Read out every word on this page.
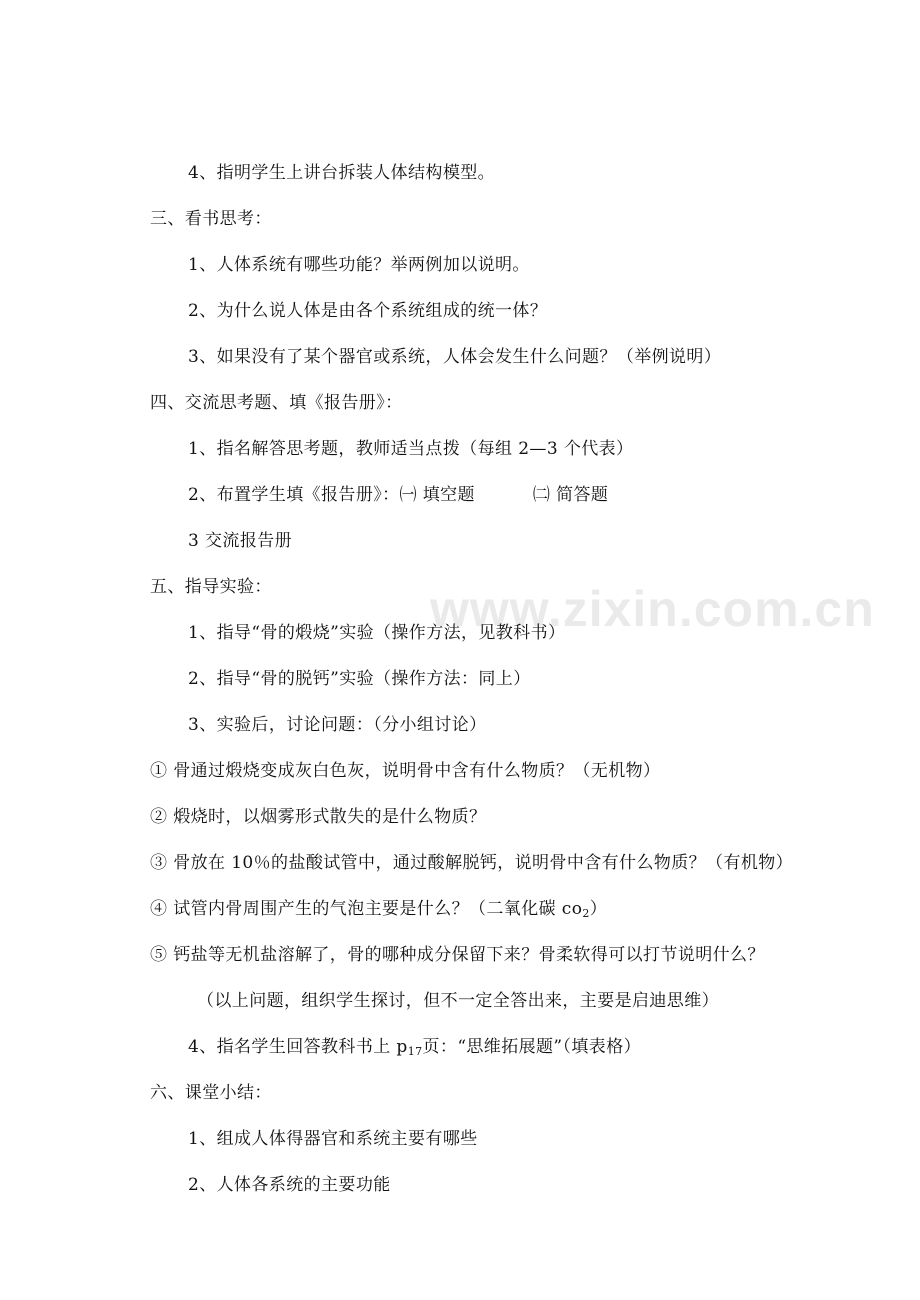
www.zixin.com.cn
4、指明学生上讲台拆装人体结构模型。
三、看书思考：
1、人体系统有哪些功能？举两例加以说明。
2、为什么说人体是由各个系统组成的统一体？
3、如果没有了某个器官或系统，人体会发生什么问题？（举例说明）
四、交流思考题、填《报告册》：
1、指名解答思考题，教师适当点拨（每组 2—3 个代表）
2、布置学生填《报告册》：㈠ 填空题	㈡ 简答题
3 交流报告册
五、指导实验：
1、指导“骨的煅烧”实验（操作方法，见教科书）
2、指导“骨的脱钙”实验（操作方法：同上）
3、实验后，讨论问题：（分小组讨论）
① 骨通过煅烧变成灰白色灰，说明骨中含有什么物质？（无机物）
② 煅烧时，以烟雾形式散失的是什么物质？
③ 骨放在 10％的盐酸试管中，通过酸解脱钙，说明骨中含有什么物质？（有机物）
④ 试管内骨周围产生的气泡主要是什么？（二氧化碳 $co_2$）
⑤ 钙盐等无机盐溶解了，骨的哪种成分保留下来？骨柔软得可以打节说明什么？
（以上问题，组织学生探讨，但不一定全答出来，主要是启迪思维）
4、指名学生回答教科书上 $p_{17}$页：“思维拓展题”（填表格）
六、课堂小结：
1、组成人体得器官和系统主要有哪些
2、人体各系统的主要功能
